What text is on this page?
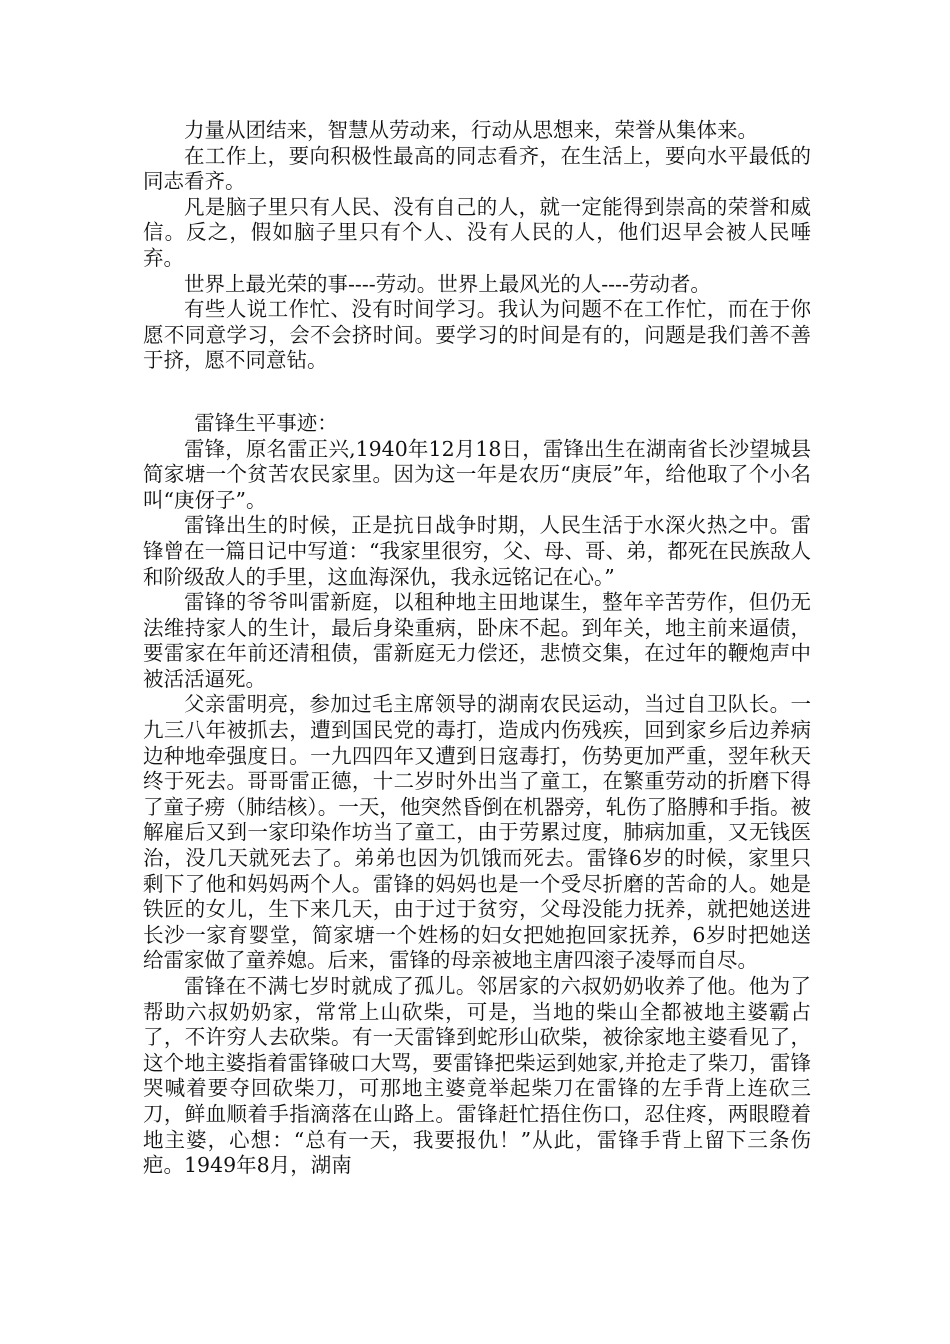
力量从团结来，智慧从劳动来，行动从思想来，荣誉从集体来。

在工作上，要向积极性最高的同志看齐，在生活上，要向水平最低的同志看齐。

凡是脑子里只有人民、没有自己的人，就一定能得到崇高的荣誉和威信。反之，假如脑子里只有个人、没有人民的人，他们迟早会被人民唾弃。

世界上最光荣的事----劳动。世界上最风光的人----劳动者。

有些人说工作忙、没有时间学习。我认为问题不在工作忙，而在于你愿不同意学习，会不会挤时间。要学习的时间是有的，问题是我们善不善于挤，愿不同意钻。

雷锋生平事迹：

雷锋，原名雷正兴,1940年12月18日，雷锋出生在湖南省长沙望城县简家塘一个贫苦农民家里。因为这一年是农历“庚辰”年，给他取了个小名叫“庚伢子”。

雷锋出生的时候，正是抗日战争时期，人民生活于水深火热之中。雷锋曾在一篇日记中写道：“我家里很穷，父、母、哥、弟，都死在民族敌人和阶级敌人的手里，这血海深仇，我永远铭记在心。”

雷锋的爷爷叫雷新庭，以租种地主田地谋生，整年辛苦劳作，但仍无法维持家人的生计，最后身染重病，卧床不起。到年关，地主前来逼债，要雷家在年前还清租债，雷新庭无力偿还，悲愤交集，在过年的鞭炮声中被活活逼死。

父亲雷明亮，参加过毛主席领导的湖南农民运动，当过自卫队长。一九三八年被抓去，遭到国民党的毒打，造成内伤残疾，回到家乡后边养病边种地牵强度日。一九四四年又遭到日寇毒打，伤势更加严重，翌年秋天终于死去。哥哥雷正德，十二岁时外出当了童工，在繁重劳动的折磨下得了童子痨（肺结核）。一天，他突然昏倒在机器旁，轧伤了胳膊和手指。被解雇后又到一家印染作坊当了童工，由于劳累过度，肺病加重，又无钱医治，没几天就死去了。弟弟也因为饥饿而死去。雷锋6岁的时候，家里只剩下了他和妈妈两个人。雷锋的妈妈也是一个受尽折磨的苦命的人。她是铁匠的女儿，生下来几天，由于过于贫穷，父母没能力抚养，就把她送进长沙一家育婴堂，简家塘一个姓杨的妇女把她抱回家抚养，6岁时把她送给雷家做了童养媳。后来，雷锋的母亲被地主唐四滚子凌辱而自尽。

雷锋在不满七岁时就成了孤儿。邻居家的六叔奶奶收养了他。他为了帮助六叔奶奶家，常常上山砍柴，可是，当地的柴山全都被地主婆霸占了，不许穷人去砍柴。有一天雷锋到蛇形山砍柴，被徐家地主婆看见了，这个地主婆指着雷锋破口大骂，要雷锋把柴运到她家,并抢走了柴刀，雷锋哭喊着要夺回砍柴刀，可那地主婆竟举起柴刀在雷锋的左手背上连砍三刀，鲜血顺着手指滴落在山路上。雷锋赶忙捂住伤口，忍住疼，两眼瞪着地主婆，心想：“总有一天，我要报仇！”从此，雷锋手背上留下三条伤疤。1949年8月，湖南
